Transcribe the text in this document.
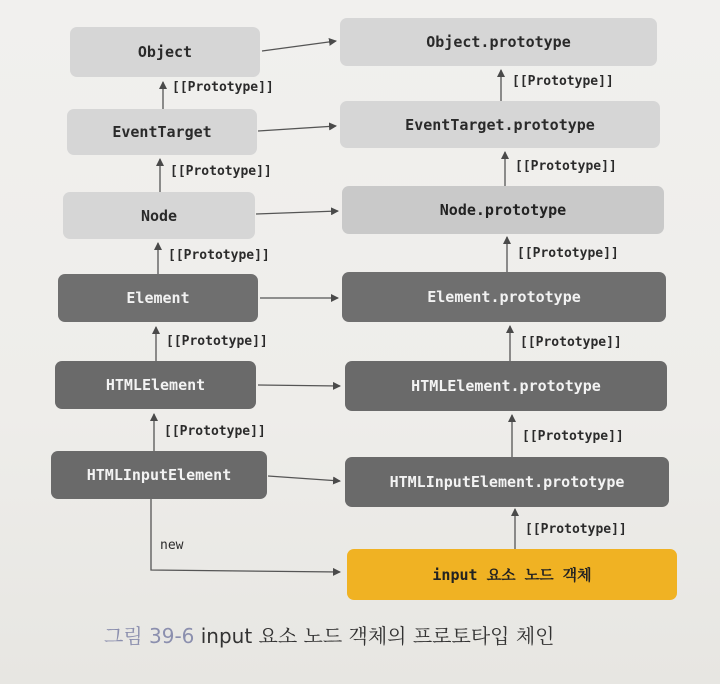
Object
EventTarget
Node
Element
HTMLElement
HTMLInputElement
Object.prototype
EventTarget.prototype
Node.prototype
Element.prototype
HTMLElement.prototype
HTMLInputElement.prototype
input 요소 노드 객체
[[Prototype]]
[[Prototype]]
[[Prototype]]
[[Prototype]]
[[Prototype]]
[[Prototype]]
[[Prototype]]
[[Prototype]]
[[Prototype]]
[[Prototype]]
[[Prototype]]
new
그림 39-6 input 요소 노드 객체의 프로토타입 체인
